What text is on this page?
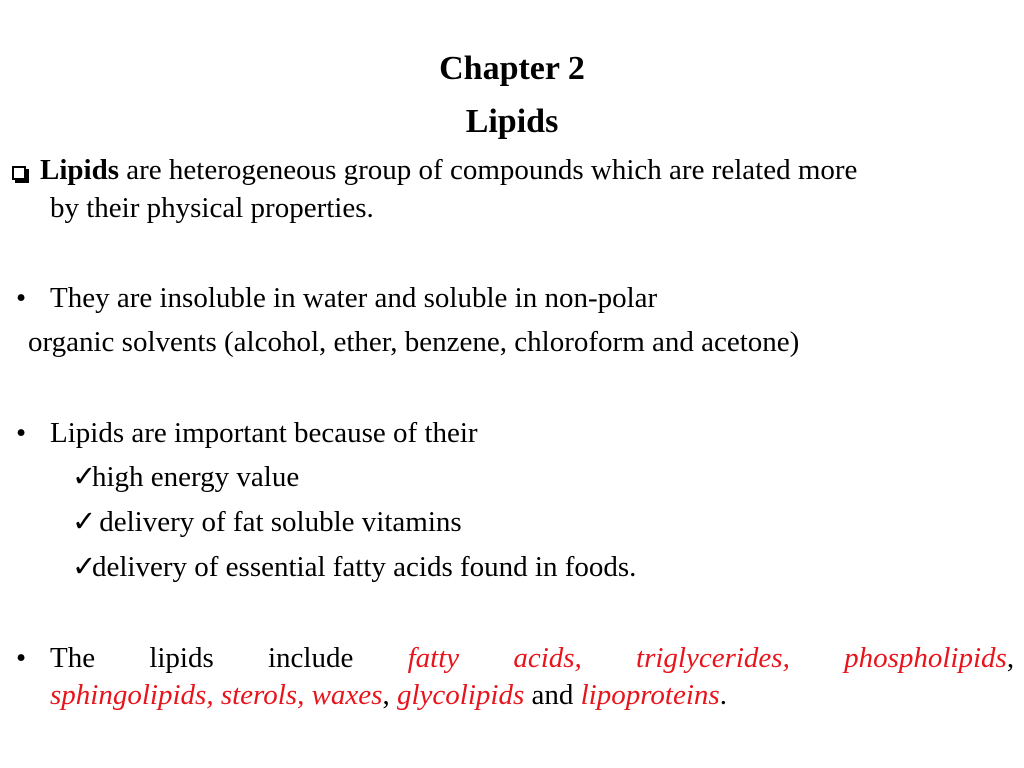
Chapter 2
Lipids
Lipids are heterogeneous group of compounds which are related more
by their physical properties.
• They are insoluble in water and soluble in non-polar
organic solvents (alcohol, ether, benzene, chloroform and acetone)
• Lipids are important because of their
✓high energy value
✓ delivery of fat soluble vitamins
✓delivery of essential fatty acids found in foods.
• The lipids include fatty acids, triglycerides, phospholipids,
sphingolipids, sterols, waxes, glycolipids and lipoproteins.
